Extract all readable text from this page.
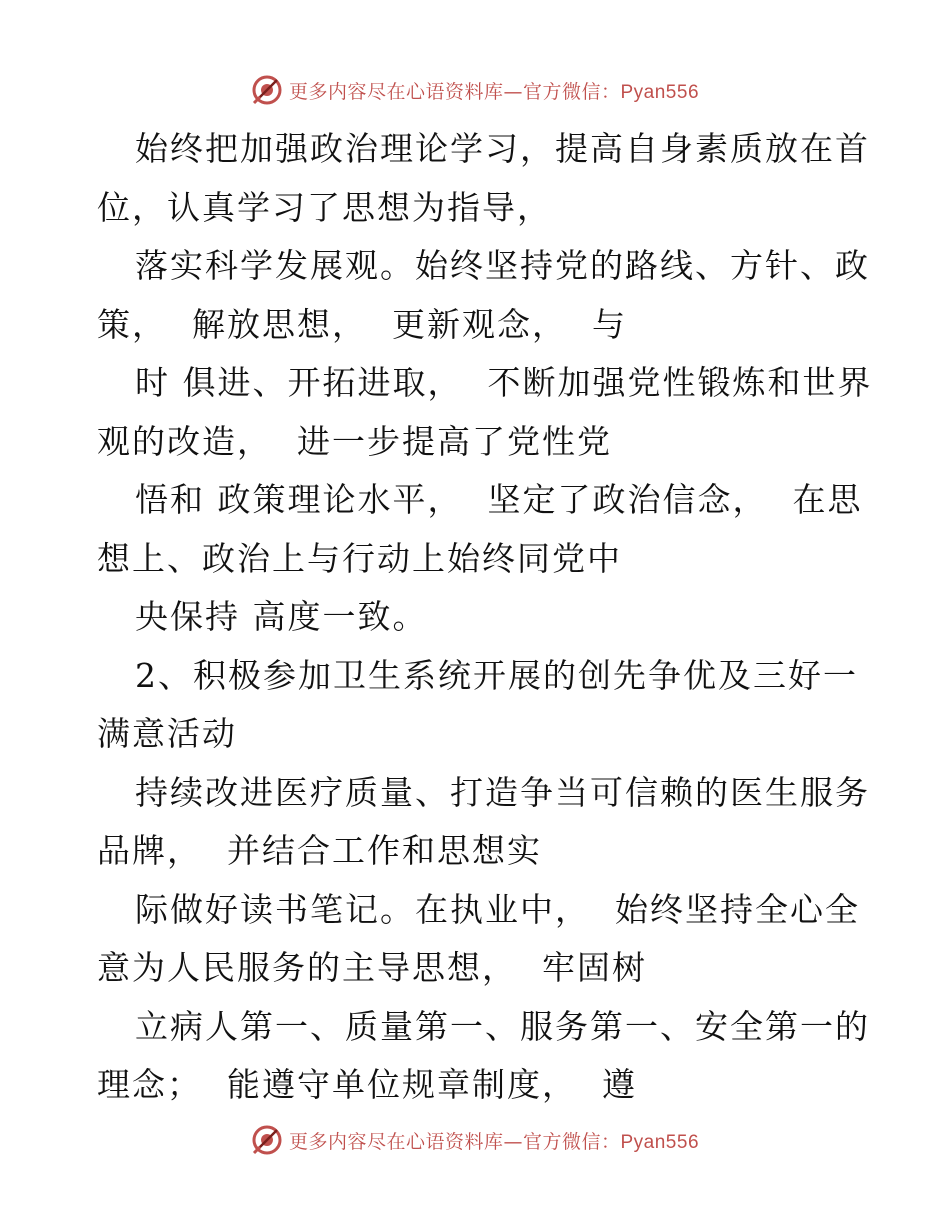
更多内容尽在心语资料库—官方微信：Pyan556
始终把加强政治理论学习，提高自身素质放在首
位，认真学习了思想为指导，
落实科学发展观。始终坚持党的路线、方针、政
策，  解放思想，  更新观念，  与
时 俱进、开拓进取，  不断加强党性锻炼和世界
观的改造，  进一步提高了党性党
悟和 政策理论水平，  坚定了政治信念，  在思
想上、政治上与行动上始终同党中
央保持 高度一致。
2、积极参加卫生系统开展的创先争优及三好一
满意活动
持续改进医疗质量、打造争当可信赖的医生服务
品牌，  并结合工作和思想实
际做好读书笔记。在执业中，  始终坚持全心全
意为人民服务的主导思想，  牢固树
立病人第一、质量第一、服务第一、安全第一的
理念；  能遵守单位规章制度，  遵
更多内容尽在心语资料库—官方微信：Pyan556
